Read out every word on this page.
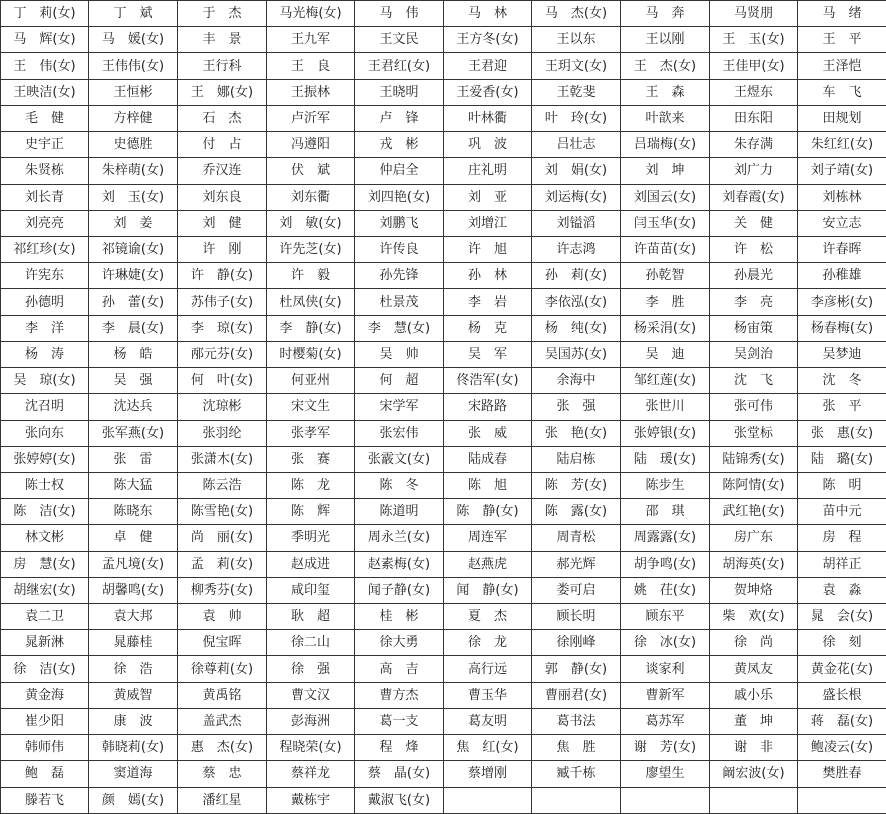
丁　莉(女)	丁　斌	于　杰	马光梅(女)	马　伟	马　林	马　杰(女)	马　奔	马贤朋	马　绪
马　辉(女)	马　媛(女)	丰　景	王九军	王文民	王方冬(女)	王以东	王以刚	王　玉(女)	王　平
王　伟(女)	王伟伟(女)	王行科	王　良	王君红(女)	王君迎	王玥文(女)	王　杰(女)	王佳甲(女)	王泽恺
王映洁(女)	王恒彬	王　娜(女)	王振林	王晓明	王爱香(女)	王乾斐	王　森	王煜东	车　飞
毛　健	方梓健	石　杰	卢沂军	卢　锋	叶林衢	叶　玲(女)	叶歆来	田东阳	田规划
史宇正	史德胜	付　占	冯遵阳	戎　彬	巩　波	吕壮志	吕瑞梅(女)	朱存满	朱红红(女)
朱贤栋	朱梓萌(女)	乔汉连	伏　斌	仲启全	庄礼明	刘　娟(女)	刘　坤	刘广力	刘子靖(女)
刘长青	刘　玉(女)	刘东良	刘东衢	刘四艳(女)	刘　亚	刘运梅(女)	刘国云(女)	刘春霞(女)	刘栋林
刘亮亮	刘　姜	刘　健	刘　敏(女)	刘鹏飞	刘增江	刘镒滔	闫玉华(女)	关　健	安立志
祁红珍(女)	祁镜谕(女)	许　刚	许先芝(女)	许传良	许　旭	许志鸿	许苗苗(女)	许　松	许春晖
许宪东	许琳婕(女)	许　静(女)	许　毅	孙先锋	孙　林	孙　莉(女)	孙乾智	孙晨光	孙稚雄
孙德明	孙　蕾(女)	苏伟子(女)	杜凤侠(女)	杜景茂	李　岩	李依泓(女)	李　胜	李　亮	李彦彬(女)
李　洋	李　晨(女)	李　琼(女)	李　静(女)	李　慧(女)	杨　克	杨　纯(女)	杨采涓(女)	杨宙策	杨春梅(女)
杨　涛	杨　皓	邴元芬(女)	时樱菊(女)	吴　帅	吴　军	吴国苏(女)	吴　迪	吴剑治	吴梦迪
吴　琼(女)	吴　强	何　叶(女)	何亚州	何　超	佟浩军(女)	余海中	邹红莲(女)	沈　飞	沈　冬
沈召明	沈达兵	沈琼彬	宋文生	宋学军	宋路路	张　强	张世川	张可伟	张　平
张向东	张军燕(女)	张羽纶	张孝军	张宏伟	张　威	张　艳(女)	张婷银(女)	张堂标	张　惠(女)
张婷婷(女)	张　雷	张潇木(女)	张　赛	张霰文(女)	陆成春	陆启栋	陆　瑗(女)	陆锦秀(女)	陆　璐(女)
陈士权	陈大猛	陈云浩	陈　龙	陈　冬	陈　旭	陈　芳(女)	陈步生	陈阿情(女)	陈　明
陈　洁(女)	陈晓东	陈雪艳(女)	陈　辉	陈道明	陈　静(女)	陈　露(女)	邵　琪	武红艳(女)	苗中元
林文彬	卓　健	尚　丽(女)	季明光	周永兰(女)	周连军	周青松	周露露(女)	房广东	房　程
房　慧(女)	孟凡境(女)	孟　莉(女)	赵成进	赵素梅(女)	赵燕虎	郝光辉	胡争鸣(女)	胡海英(女)	胡祥正
胡继宏(女)	胡馨鸣(女)	柳秀芬(女)	咸印玺	闻子静(女)	闻　静(女)	娄可启	姚　茌(女)	贺坤烙	袁　淼
袁二卫	袁大邦	袁　帅	耿　超	桂　彬	夏　杰	顾长明	顾东平	柴　欢(女)	晁　会(女)
晁新淋	晁藤桂	倪宝晖	徐二山	徐大勇	徐　龙	徐刚峰	徐　冰(女)	徐　尚	徐　刻
徐　洁(女)	徐　浩	徐尊莉(女)	徐　强	高　吉	高行远	郭　静(女)	谈家利	黄凤友	黄金花(女)
黄金海	黄威智	黄禹铭	曹文汉	曹方杰	曹玉华	曹丽君(女)	曹新军	戚小乐	盛长根
崔少阳	康　波	盖武杰	彭海洲	葛一支	葛友明	葛书法	葛苏军	董　坤	蒋　磊(女)
韩师伟	韩晓莉(女)	惠　杰(女)	程晓荣(女)	程　烽	焦　红(女)	焦　胜	谢　芳(女)	谢　非	鲍凌云(女)
鲍　磊	窦道海	蔡　忠	蔡祥龙	蔡　晶(女)	蔡增刚	臧千栋	廖望生	阚宏波(女)	樊胜春
滕若飞	颜　嫣(女)	潘红星	戴栋宇	戴淑飞(女)					
